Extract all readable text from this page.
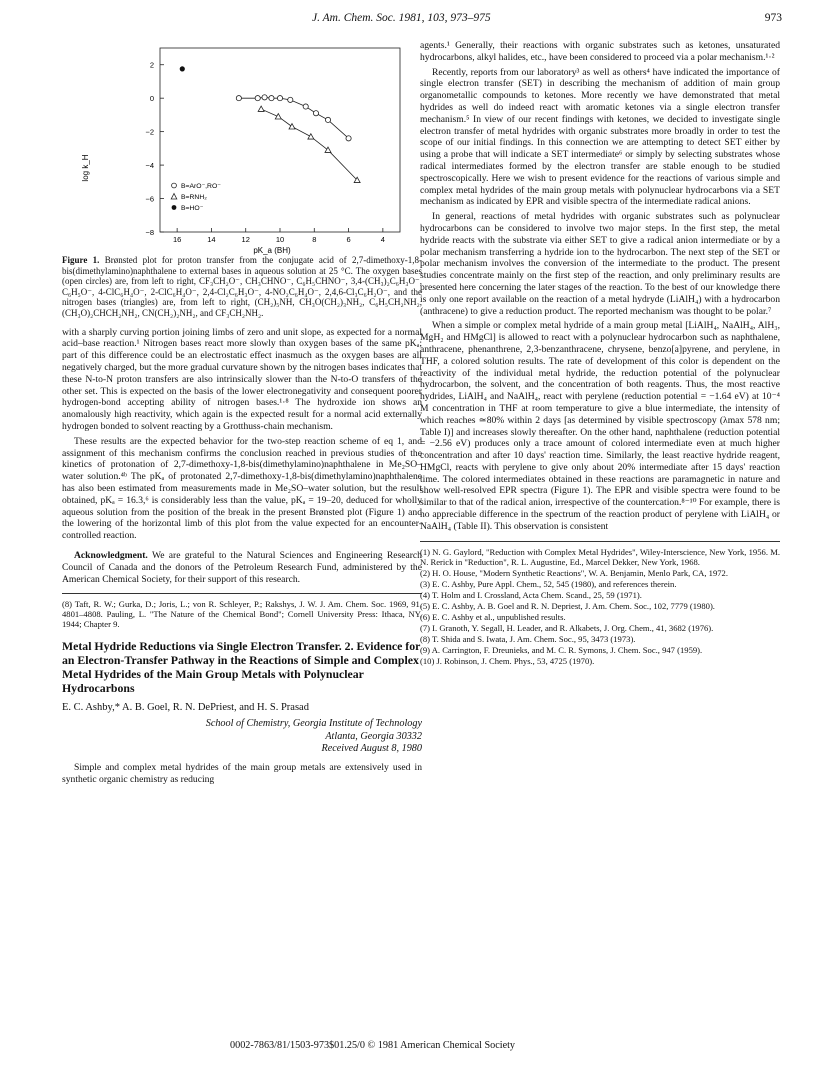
J. Am. Chem. Soc. 1981, 103, 973–975	973
2
0
−2
−4
−6
−8
16	14	12	10	8	6	4
B=ArO⁻,RO⁻
B=RNH₂
B=HO⁻
log k_H
pK_a (BH)
Figure 1. Brønsted plot for proton transfer from the conjugate acid of 2,7-dimethoxy-1,8-bis(dimethylamino)naphthalene to external bases in aqueous solution at 25 °C. The oxygen bases (open circles) are, from left to right, CF₃CH₂O⁻, CH₃CHNO⁻, C₆H₅CHNO⁻, 3,4-(CH₃)₂C₆H₃O⁻, C₆H₅O⁻, 4-ClC₆H₄O⁻, 2-ClC₆H₄O⁻, 2,4-Cl₂C₆H₃O⁻, 4-NO₂C₆H₄O⁻, 2,4,6-Cl₃C₆H₂O⁻, and the nitrogen bases (triangles) are, from left to right, (CH₂)₅NH, CH₃O(CH₂)₃NH₂, C₆H₅CH₂NH₂, (CH₃O)₂CHCH₂NH₂, CN(CH₂)₂NH₂, and CF₃CH₂NH₂.

with a sharply curving portion joining limbs of zero and unit slope, as expected for a normal acid–base reaction.¹ Nitrogen bases react more slowly than oxygen bases of the same pKₐ; part of this difference could be an electrostatic effect inasmuch as the oxygen bases are all negatively charged, but the more gradual curvature shown by the nitrogen bases indicates that these N-to-N proton transfers are also intrinsically slower than the N-to-O transfers of the other set. This is expected on the basis of the lower electronegativity and consequent poorer hydrogen-bond accepting ability of nitrogen bases.¹·⁸ The hydroxide ion shows an anomalously high reactivity, which again is the expected result for a normal acid externally hydrogen bonded to solvent reacting by a Grotthuss-chain mechanism.

These results are the expected behavior for the two-step reaction scheme of eq 1, and assignment of this mechanism confirms the conclusion reached in previous studies of the kinetics of protonation of 2,7-dimethoxy-1,8-bis(dimethylamino)naphthalene in Me₂SO–water solution.⁴ᵇ The pKₐ of protonated 2,7-dimethoxy-1,8-bis(dimethylamino)naphthalene has also been estimated from measurements made in Me₂SO–water solution, but the result obtained, pKₐ = 16.3,⁶ is considerably less than the value, pKₐ = 19–20, deduced for wholly aqueous solution from the position of the break in the present Brønsted plot (Figure 1) and the lowering of the horizontal limb of this plot from the value expected for an encounter-controlled reaction.

Acknowledgment. We are grateful to the Natural Sciences and Engineering Research Council of Canada and the donors of the Petroleum Research Fund, administered by the American Chemical Society, for their support of this research.

(8) Taft, R. W.; Gurka, D.; Joris, L.; von R. Schleyer, P.; Rakshys, J. W. J. Am. Chem. Soc. 1969, 91, 4801–4808. Pauling, L. "The Nature of the Chemical Bond"; Cornell University Press: Ithaca, NY, 1944; Chapter 9.

Metal Hydride Reductions via Single Electron Transfer. 2. Evidence for an Electron-Transfer Pathway in the Reactions of Simple and Complex Metal Hydrides of the Main Group Metals with Polynuclear Hydrocarbons
E. C. Ashby,* A. B. Goel, R. N. DePriest, and H. S. Prasad
School of Chemistry, Georgia Institute of Technology
Atlanta, Georgia 30332
Received August 8, 1980

Simple and complex metal hydrides of the main group metals are extensively used in synthetic organic chemistry as reducing

agents.¹ Generally, their reactions with organic substrates such as ketones, unsaturated hydrocarbons, alkyl halides, etc., have been considered to proceed via a polar mechanism.¹·²

Recently, reports from our laboratory³ as well as others⁴ have indicated the importance of single electron transfer (SET) in describing the mechanism of addition of main group organometallic compounds to ketones. More recently we have demonstrated that metal hydrides as well do indeed react with aromatic ketones via a single electron transfer mechanism.⁵ In view of our recent findings with ketones, we decided to investigate single electron transfer of metal hydrides with organic substrates more broadly in order to test the scope of our initial findings. In this connection we are attempting to detect SET either by using a probe that will indicate a SET intermediate⁶ or simply by selecting substrates whose radical intermediates formed by the electron transfer are stable enough to be studied spectroscopically. Here we wish to present evidence for the reactions of various simple and complex metal hydrides of the main group metals with polynuclear hydrocarbons via a SET mechanism as indicated by EPR and visible spectra of the intermediate radical anions.

In general, reactions of metal hydrides with organic substrates such as polynuclear hydrocarbons can be considered to involve two major steps. In the first step, the metal hydride reacts with the substrate via either SET to give a radical anion intermediate or by a polar mechanism transferring a hydride ion to the hydrocarbon. The next step of the SET or polar mechanism involves the conversion of the intermediate to the product. The present studies concentrate mainly on the first step of the reaction, and only preliminary results are presented here concerning the later stages of the reaction. To the best of our knowledge there is only one report available on the reaction of a metal hydryde (LiAlH₄) with a hydrocarbon (anthracene) to give a reduction product. The reported mechanism was thought to be polar.⁷

When a simple or complex metal hydride of a main group metal [LiAlH₄, NaAlH₄, AlH₃, MgH₂ and HMgCl] is allowed to react with a polynuclear hydrocarbon such as naphthalene, anthracene, phenanthrene, 2,3-benzanthracene, chrysene, benzo[a]pyrene, and perylene, in THF, a colored solution results. The rate of development of this color is dependent on the reactivity of the individual metal hydride, the reduction potential of the polynuclear hydrocarbon, the solvent, and the concentration of both reagents. Thus, the most reactive hydrides, LiAlH₄ and NaAlH₄, react with perylene (reduction potential = −1.64 eV) at 10⁻⁴ M concentration in THF at room temperature to give a blue intermediate, the intensity of which reaches ≃80% within 2 days [as determined by visible spectroscopy (λmax 578 nm; Table I)] and increases slowly thereafter. On the other hand, naphthalene (reduction potential = −2.56 eV) produces only a trace amount of colored intermediate even at much higher concentration and after 10 days' reaction time. Similarly, the least reactive hydride reagent, HMgCl, reacts with perylene to give only about 20% intermediate after 15 days' reaction time. The colored intermediates obtained in these reactions are paramagnetic in nature and show well-resolved EPR spectra (Figure 1). The EPR and visible spectra were found to be similar to that of the radical anion, irrespective of the countercation.⁸⁻¹⁰ For example, there is no appreciable difference in the spectrum of the reaction product of perylene with LiAlH₄ or NaAlH₄ (Table II). This observation is consistent

(1) N. G. Gaylord, "Reduction with Complex Metal Hydrides", Wiley-Interscience, New York, 1956. M. N. Rerick in "Reduction", R. L. Augustine, Ed., Marcel Dekker, New York, 1968.

(2) H. O. House, "Modern Synthetic Reactions", W. A. Benjamin, Menlo Park, CA, 1972.

(3) E. C. Ashby, Pure Appl. Chem., 52, 545 (1980), and references therein.

(4) T. Holm and I. Crossland, Acta Chem. Scand., 25, 59 (1971).

(5) E. C. Ashby, A. B. Goel and R. N. Depriest, J. Am. Chem. Soc., 102, 7779 (1980).

(6) E. C. Ashby et al., unpublished results.

(7) I. Granoth, Y. Segall, H. Leader, and R. Alkabets, J. Org. Chem., 41, 3682 (1976).

(8) T. Shida and S. Iwata, J. Am. Chem. Soc., 95, 3473 (1973).

(9) A. Carrington, F. Dreunieks, and M. C. R. Symons, J. Chem. Soc., 947 (1959).

(10) J. Robinson, J. Chem. Phys., 53, 4725 (1970).

0002-7863/81/1503-973$01.25/0 © 1981 American Chemical Society
